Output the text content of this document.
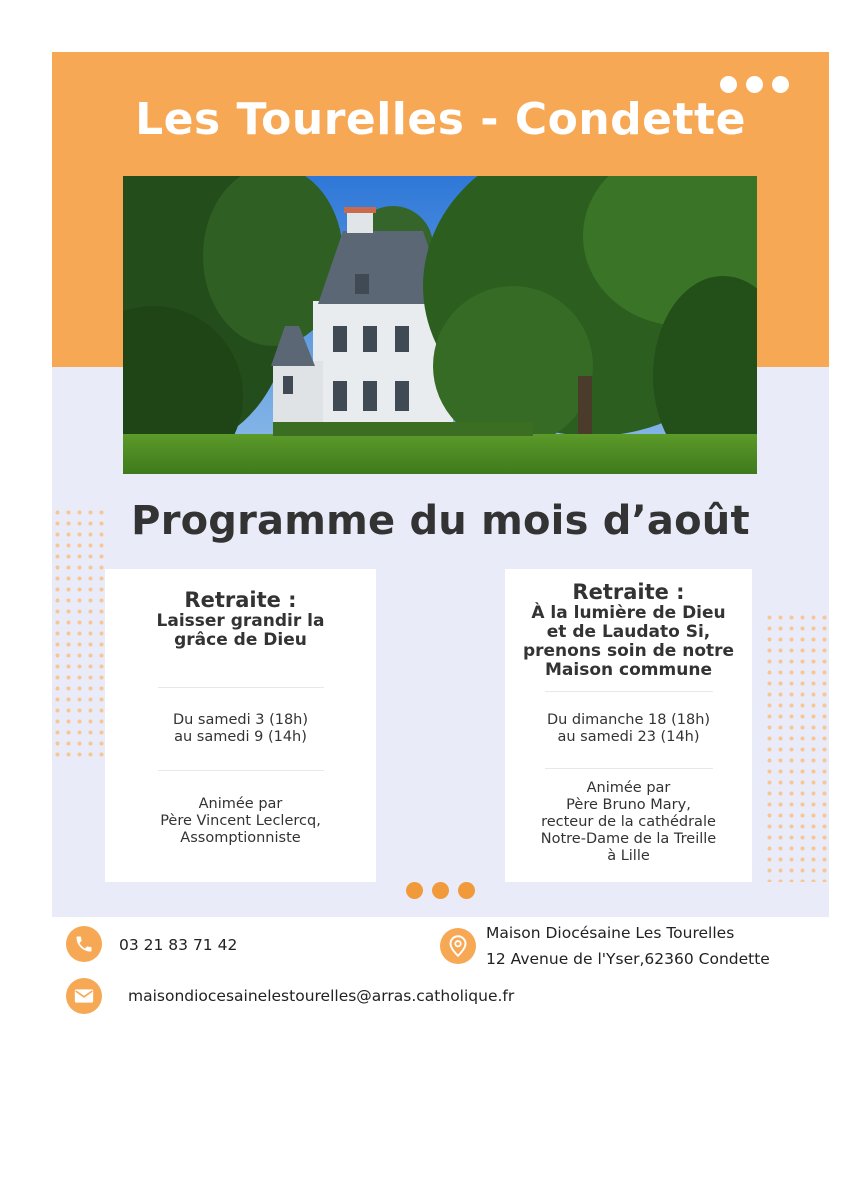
Les Tourelles - Condette
Programme du mois d’août

Retraite :

Laisser grandir la

grâce de Dieu

Du samedi 3 (18h)

au samedi 9 (14h)

Animée par

Père Vincent Leclercq,

Assomptionniste

Retraite :

À la lumière de Dieu

et de Laudato Si,

prenons soin de notre

Maison commune

Du dimanche 18 (18h)

au samedi 23 (14h)

Animée par

Père Bruno Mary,

recteur de la cathédrale

Notre-Dame de la Treille

à Lille

03 21 83 71 42

Maison Diocésaine Les Tourelles

12 Avenue de l'Yser,62360 Condette

maisondiocesainelestourelles@arras.catholique.fr
